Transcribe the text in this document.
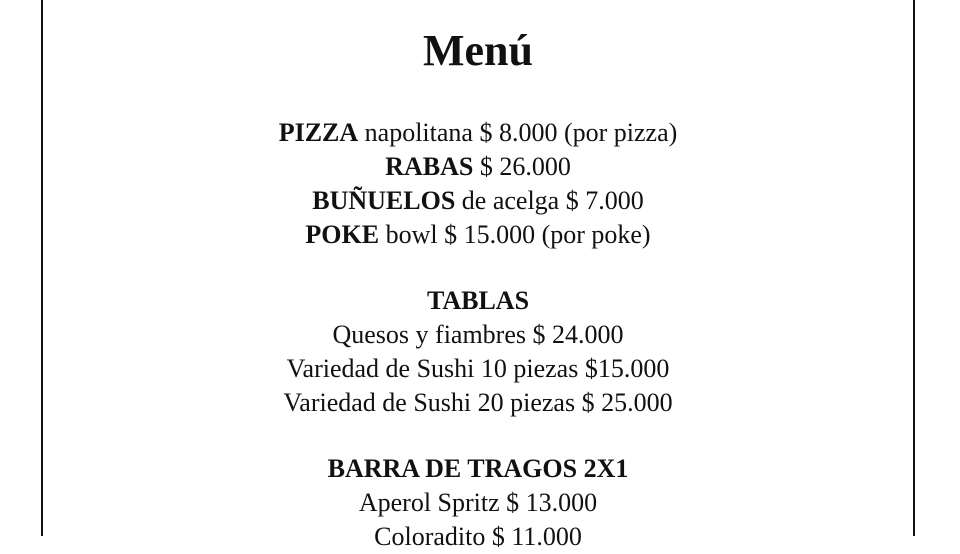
Menú
PIZZA napolitana $ 8.000 (por pizza)
RABAS $ 26.000
BUÑUELOS de acelga $ 7.000
POKE bowl $ 15.000 (por poke)
TABLAS
Quesos y fiambres $ 24.000
Variedad de Sushi 10 piezas $15.000
Variedad de Sushi 20 piezas $ 25.000
BARRA DE TRAGOS 2X1
Aperol Spritz $ 13.000
Coloradito $ 11.000
